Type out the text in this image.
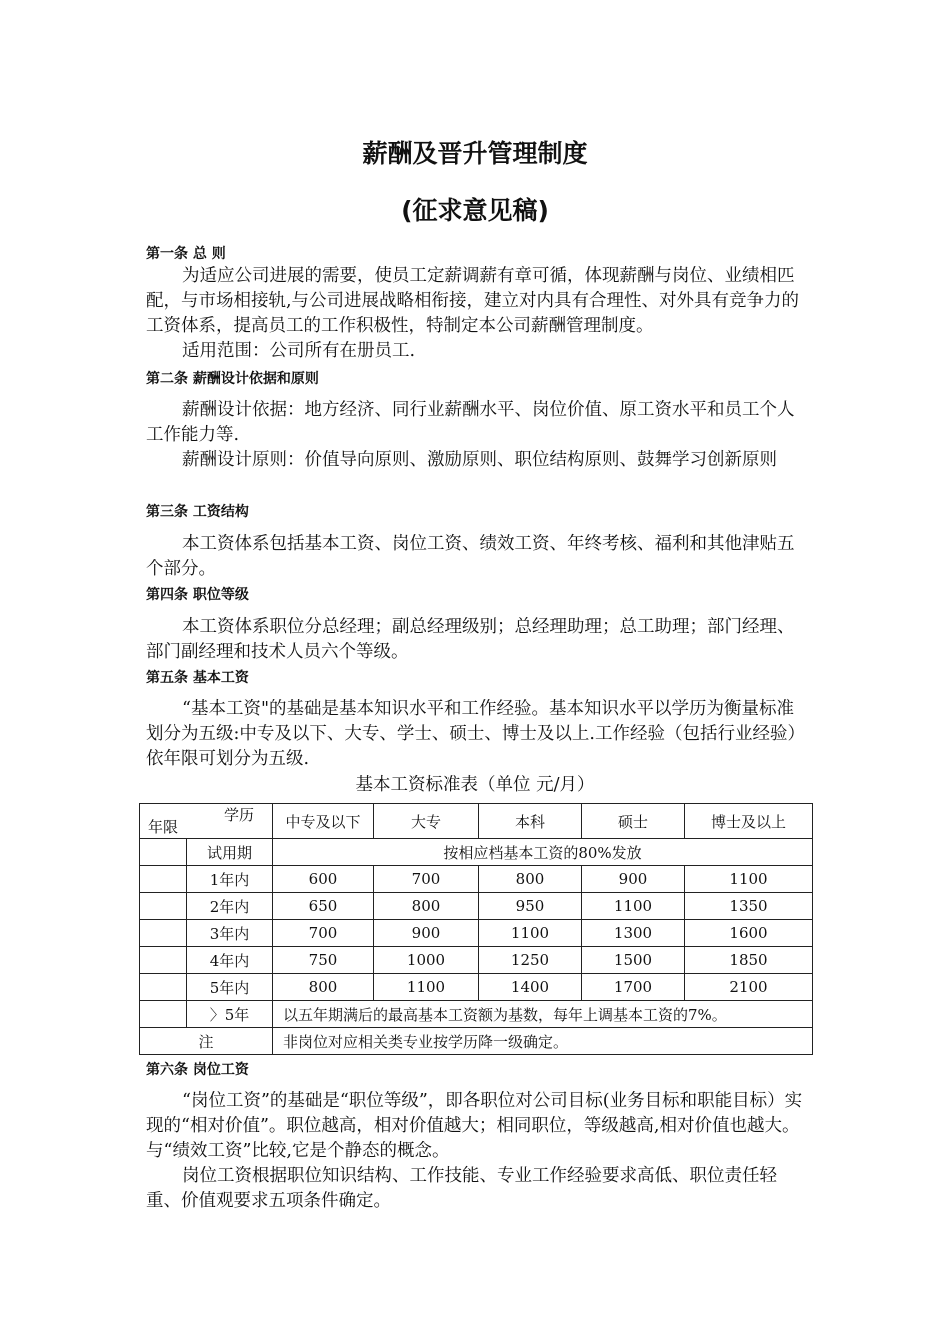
薪酬及晋升管理制度
(征求意见稿)
第一条 总 则

为适应公司进展的需要，使员工定薪调薪有章可循，体现薪酬与岗位、业绩相匹配，与市场相接轨,与公司进展战略相衔接，建立对内具有合理性、对外具有竞争力的工资体系，提高员工的工作积极性，特制定本公司薪酬管理制度。

适用范围：公司所有在册员工.

第二条 薪酬设计依据和原则

薪酬设计依据：地方经济、同行业薪酬水平、岗位价值、原工资水平和员工个人工作能力等.

薪酬设计原则：价值导向原则、激励原则、职位结构原则、鼓舞学习创新原则

第三条 工资结构

本工资体系包括基本工资、岗位工资、绩效工资、年终考核、福利和其他津贴五个部分。

第四条 职位等级

本工资体系职位分总经理；副总经理级别；总经理助理；总工助理；部门经理、部门副经理和技术人员六个等级。

第五条 基本工资

“基本工资"的基础是基本知识水平和工作经验。基本知识水平以学历为衡量标准划分为五级:中专及以下、大专、学士、硕士、博士及以上.工作经验（包括行业经验）依年限可划分为五级.

基本工资标准表（单位 元/月）
学历
年限		中专及以下	大专	本科	硕士	博士及以上
	试用期	按相应档基本工资的80%发放				
	1年内	600	700	800	900	1100
	2年内	650	800	950	1100	1350
	3年内	700	900	1100	1300	1600
	4年内	750	1000	1250	1500	1850
	5年内	800	1100	1400	1700	2100
	〉5年	以五年期满后的最高基本工资额为基数，每年上调基本工资的7%。				
注		非岗位对应相关类专业按学历降一级确定。				
第六条 岗位工资

“岗位工资”的基础是“职位等级”，即各职位对公司目标(业务目标和职能目标）实现的“相对价值”。职位越高，相对价值越大；相同职位，等级越高,相对价值也越大。与“绩效工资”比较,它是个静态的概念。

岗位工资根据职位知识结构、工作技能、专业工作经验要求高低、职位责任轻重、价值观要求五项条件确定。
